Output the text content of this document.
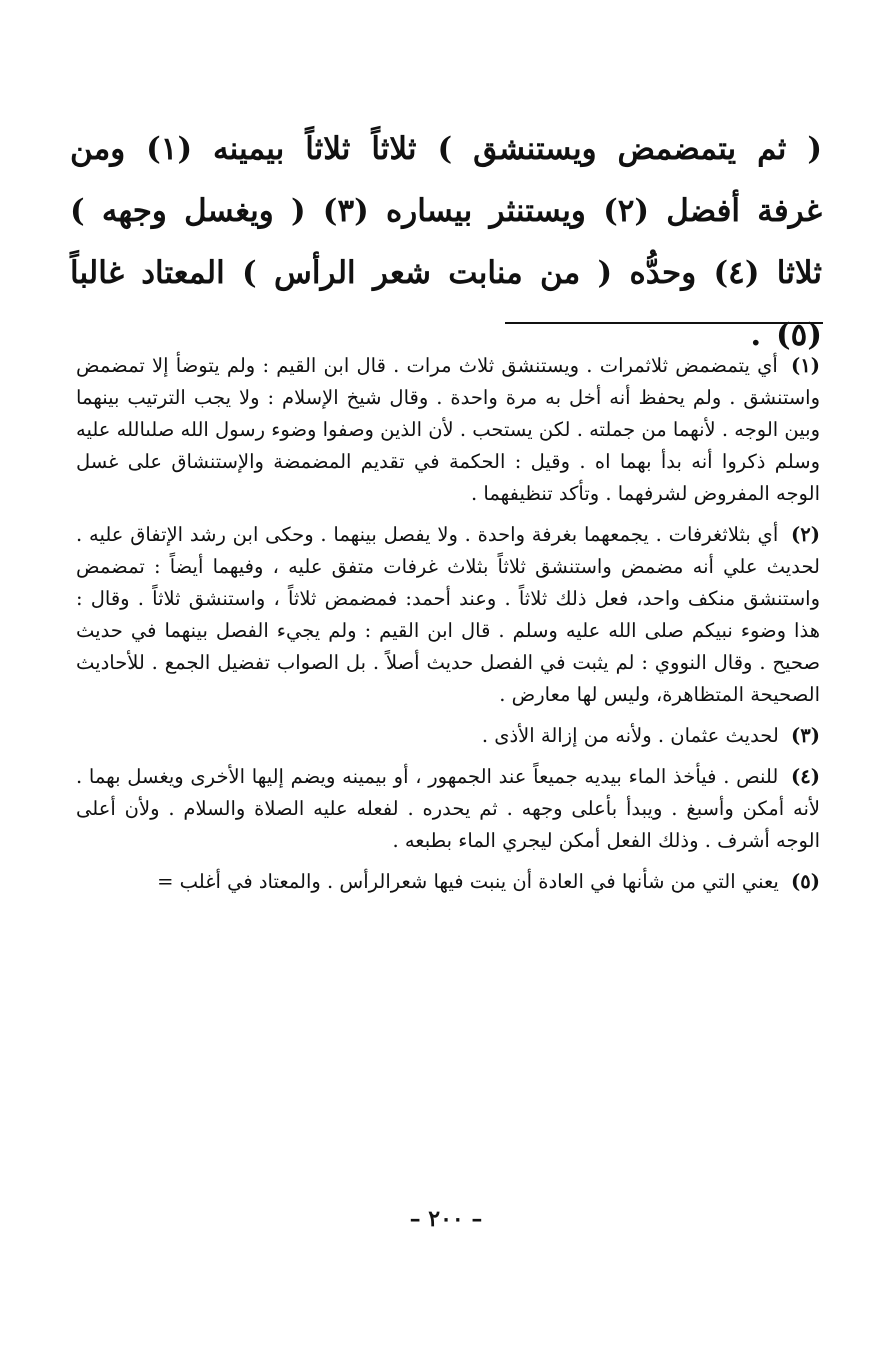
( ثم يتمضمض ويستنشق ) ثلاثاً ثلاثاً بيمينه (١) ومن غرفة أفضل (٢) ويستنثر بيساره (٣) ( ويغسل وجهه ) ثلاثا (٤) وحدُّه ( من منابت شعر الرأس ) المعتاد غالباً (٥) .

(١) أي يتمضمض ثلاثمرات . ويستنشق ثلاث مرات . قال ابن القيم : ولم يتوضأ إلا تمضمض واستنشق . ولم يحفظ أنه أخل به مرة واحدة . وقال شيخ الإسلام : ولا يجب الترتيب بينهما وبين الوجه . لأنهما من جملته . لكن يستحب . لأن الذين وصفوا وضوء رسول الله صلىالله عليه وسلم ذكروا أنه بدأ بهما اه . وقيل : الحكمة في تقديم المضمضة والإستنشاق على غسل الوجه المفروض لشرفهما . وتأكد تنظيفهما .

(٢) أي بثلاثغرفات . يجمعهما بغرفة واحدة . ولا يفصل بينهما . وحكى ابن رشد الإتفاق عليه . لحديث علي أنه مضمض واستنشق ثلاثاً بثلاث غرفات متفق عليه ، وفيهما أيضاً : تمضمض واستنشق منكف واحد، فعل ذلك ثلاثاً . وعند أحمد: فمضمض ثلاثاً ، واستنشق ثلاثاً . وقال : هذا وضوء نبيكم صلى الله عليه وسلم . قال ابن القيم : ولم يجيء الفصل بينهما في حديث صحيح . وقال النووي : لم يثبت في الفصل حديث أصلاً . بل الصواب تفضيل الجمع . للأحاديث الصحيحة المتظاهرة، وليس لها معارض .

(٣) لحديث عثمان . ولأنه من إزالة الأذى .

(٤) للنص . فيأخذ الماء بيديه جميعاً عند الجمهور ، أو بيمينه ويضم إليها الأخرى ويغسل بهما . لأنه أمكن وأسبغ . ويبدأ بأعلى وجهه . ثم يحدره . لفعله عليه الصلاة والسلام . ولأن أعلى الوجه أشرف . وذلك الفعل أمكن ليجري الماء بطبعه .

(٥) يعني التي من شأنها في العادة أن ينبت فيها شعرالرأس . والمعتاد في أغلب =

– ٢٠٠ –
